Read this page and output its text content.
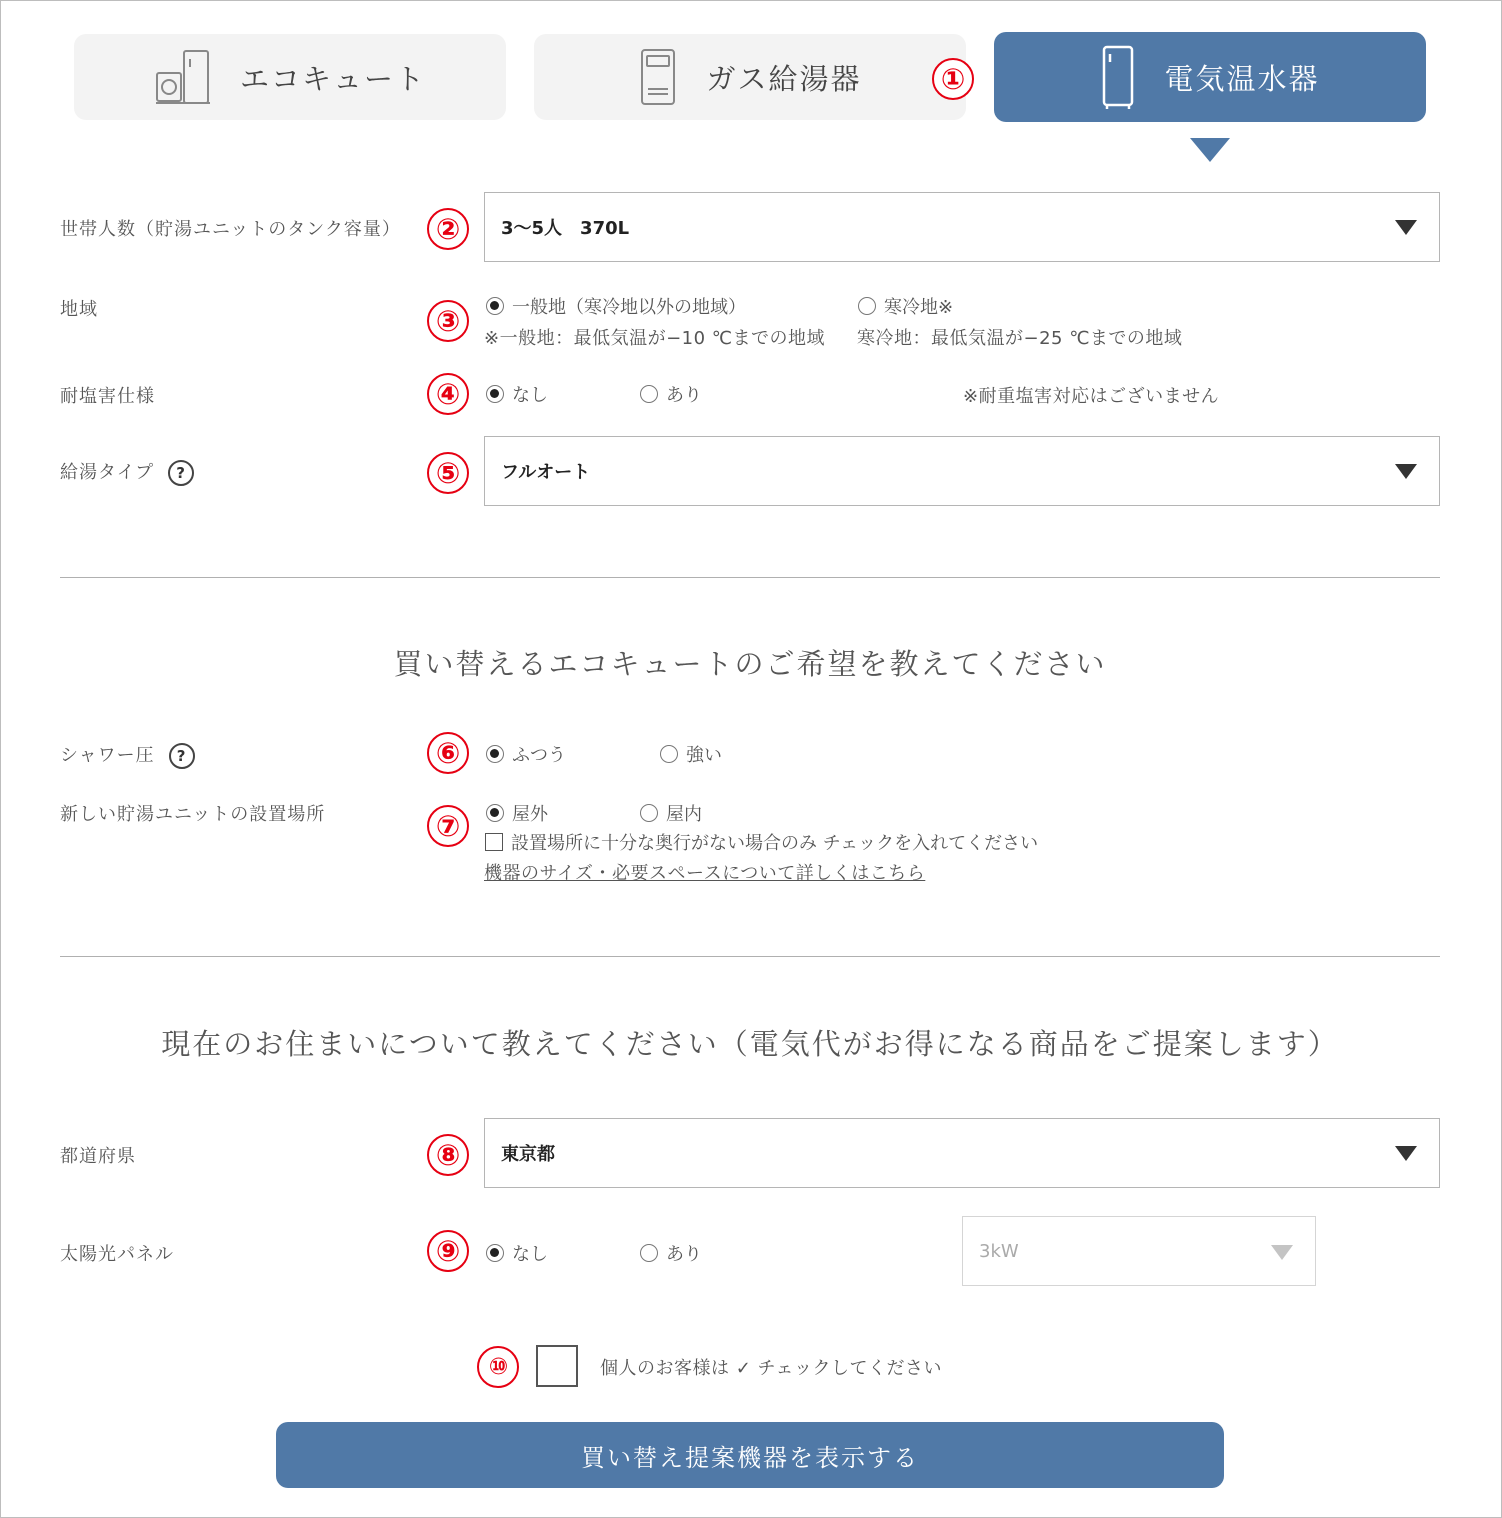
エコキュート	ガス給湯器	電気温水器
①
世帯人数（貯湯ユニットのタンク容量）	②	3〜5人　370L
地域	③	一般地（寒冷地以外の地域）	寒冷地※
※一般地：最低気温が−10 ℃までの地域 寒冷地：最低気温が−25 ℃までの地域
耐塩害仕様	④	なし	あり	※耐重塩害対応はございません
給湯タイプ ?	⑤	フルオート
買い替えるエコキュートのご希望を教えてください
シャワー圧 ?	⑥	ふつう	強い
新しい貯湯ユニットの設置場所	⑦	屋外	屋内
設置場所に十分な奥行がない場合のみ チェックを入れてください
機器のサイズ・必要スペースについて詳しくはこちら
現在のお住まいについて教えてください（電気代がお得になる商品をご提案します）
都道府県	⑧	東京都
太陽光パネル	⑨	なし	あり	3kW
⑩	個人のお客様は ✓ チェックしてください
買い替え提案機器を表示する
